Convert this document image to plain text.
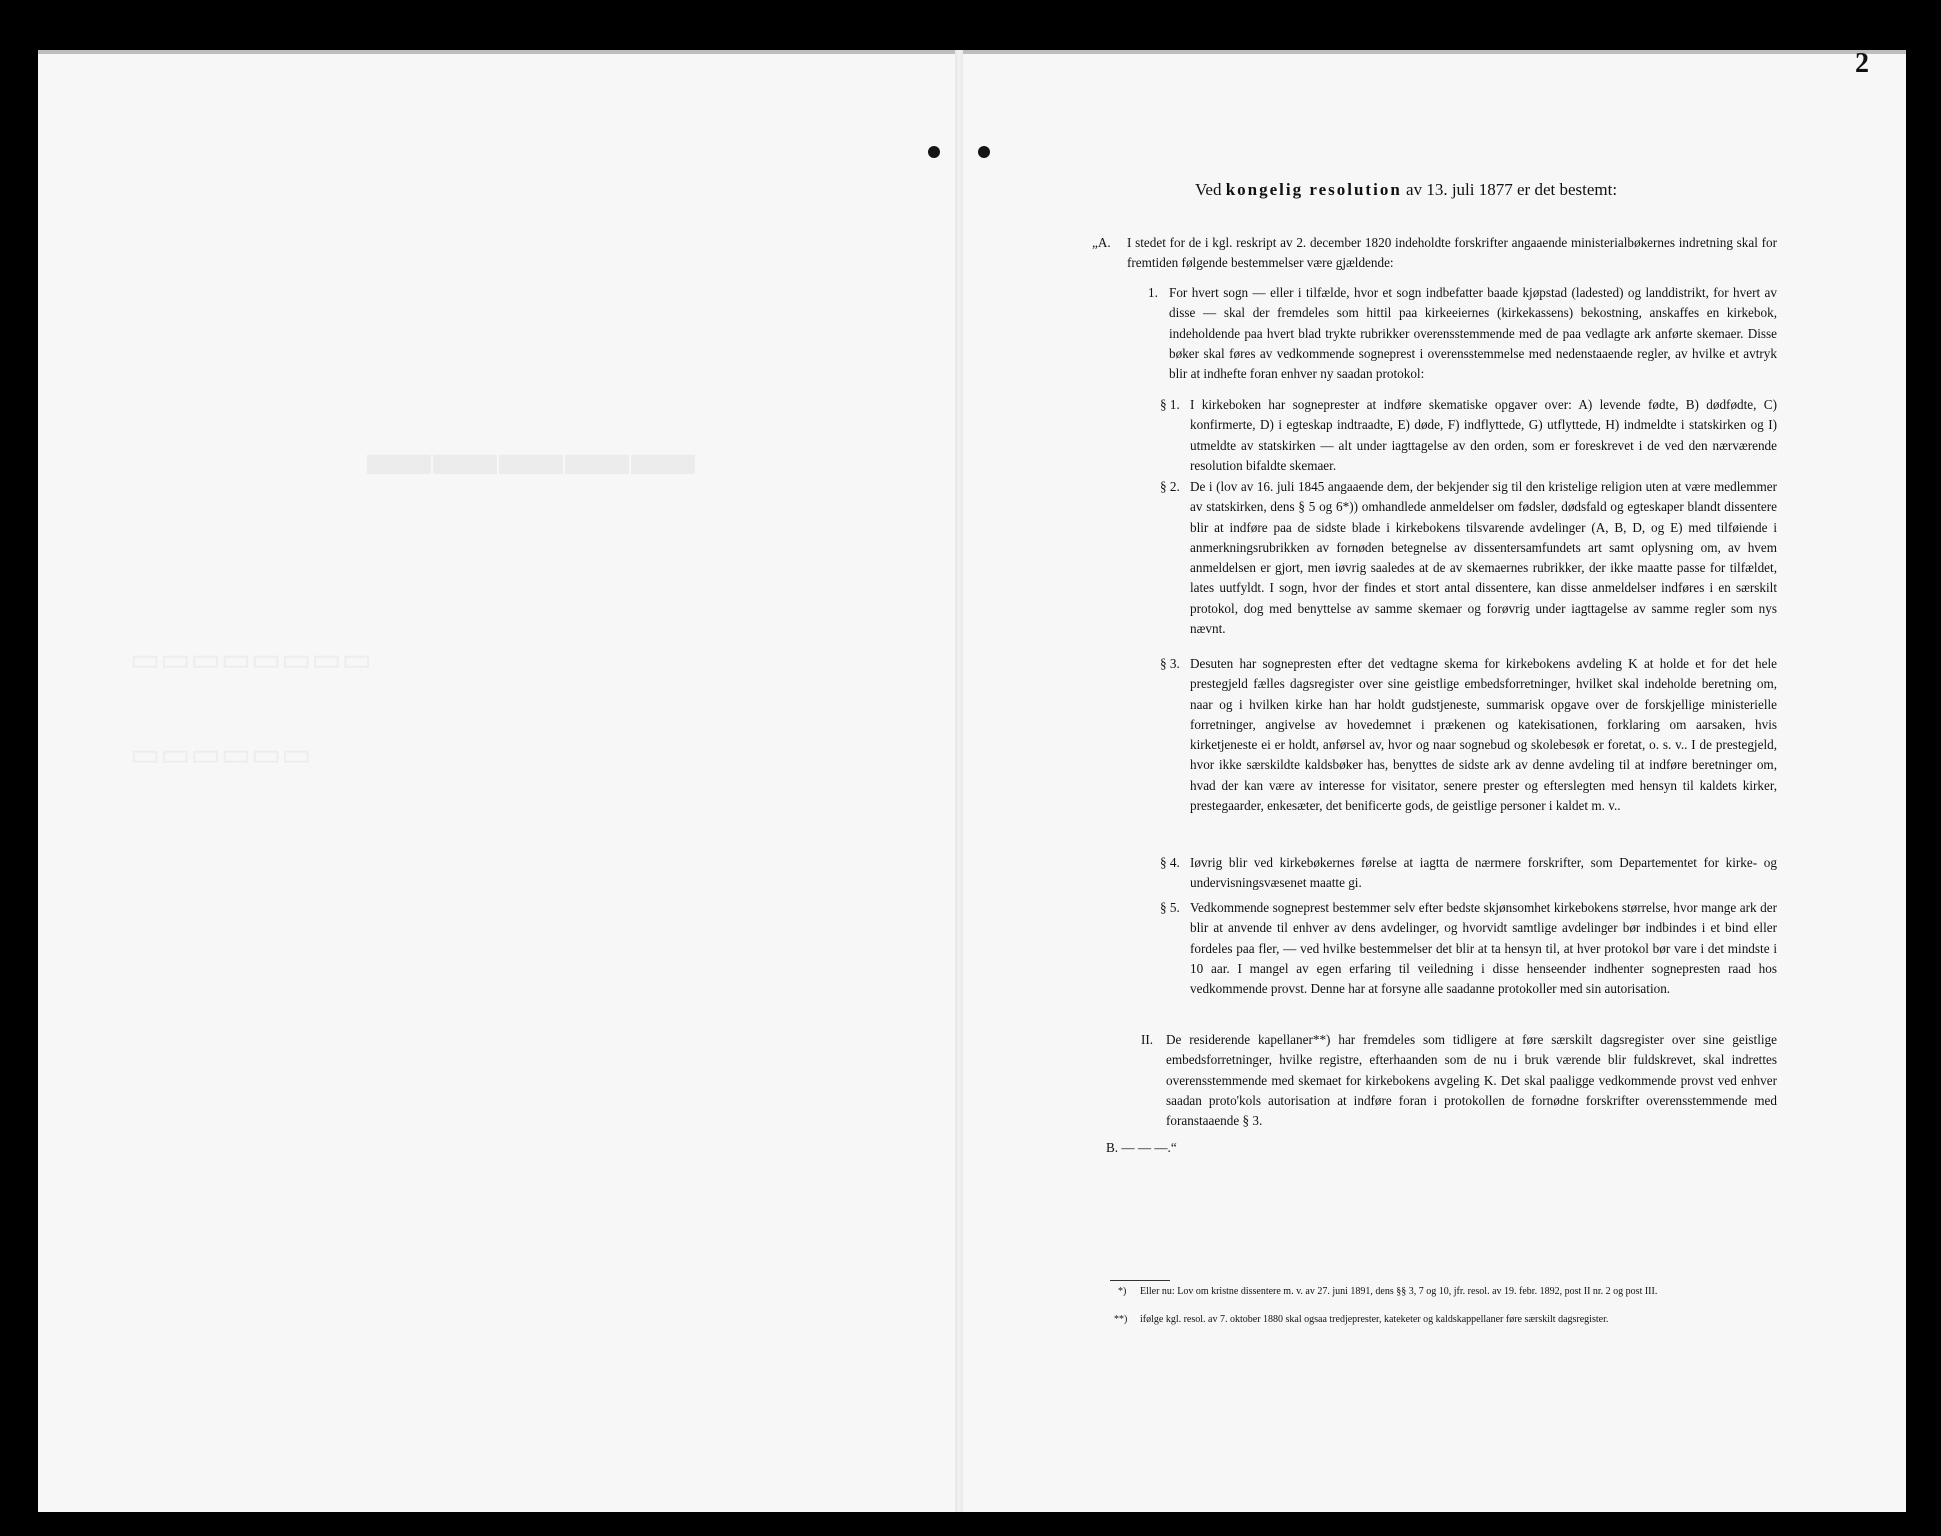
▬▬▬▬▬
▭▭▭▭▭▭▭▭
▭▭▭▭▭▭
2
Ved kongelig resolution av 13. juli 1877 er det bestemt:
„A. I stedet for de i kgl. reskript av 2. december 1820 indeholdte forskrifter angaaende ministerialbøkernes indretning skal for fremtiden følgende bestemmelser være gjældende:
1. For hvert sogn — eller i tilfælde, hvor et sogn indbefatter baade kjøpstad (ladested) og landdistrikt, for hvert av disse — skal der fremdeles som hittil paa kirkeeiernes (kirkekassens) bekostning, anskaffes en kirkebok, indeholdende paa hvert blad trykte rubrikker overensstemmende med de paa vedlagte ark anførte skemaer. Disse bøker skal føres av vedkommende sogneprest i overensstemmelse med nedenstaaende regler, av hvilke et avtryk blir at indhefte foran enhver ny saadan protokol:
§ 1. I kirkeboken har sogneprester at indføre skematiske opgaver over: A) levende fødte, B) dødfødte, C) konfirmerte, D) i egteskap indtraadte, E) døde, F) indflyttede, G) utflyttede, H) indmeldte i statskirken og I) utmeldte av statskirken — alt under iagttagelse av den orden, som er foreskrevet i de ved den nærværende resolution bifaldte skemaer.
§ 2. De i (lov av 16. juli 1845 angaaende dem, der bekjender sig til den kristelige religion uten at være medlemmer av statskirken, dens § 5 og 6*)) omhandlede anmeldelser om fødsler, dødsfald og egteskaper blandt dissentere blir at indføre paa de sidste blade i kirkebokens tilsvarende avdelinger (A, B, D, og E) med tilføiende i anmerkningsrubrikken av fornøden betegnelse av dissentersamfundets art samt oplysning om, av hvem anmeldelsen er gjort, men iøvrig saaledes at de av skemaernes rubrikker, der ikke maatte passe for tilfældet, lates uutfyldt. I sogn, hvor der findes et stort antal dissentere, kan disse anmeldelser indføres i en særskilt protokol, dog med benyttelse av samme skemaer og forøvrig under iagttagelse av samme regler som nys nævnt.
§ 3. Desuten har sognepresten efter det vedtagne skema for kirkebokens avdeling K at holde et for det hele prestegjeld fælles dagsregister over sine geistlige embedsforretninger, hvilket skal indeholde beretning om, naar og i hvilken kirke han har holdt gudstjeneste, summarisk opgave over de forskjellige ministerielle forretninger, angivelse av hovedemnet i prækenen og katekisationen, forklaring om aarsaken, hvis kirketjeneste ei er holdt, anførsel av, hvor og naar sognebud og skolebesøk er foretat, o. s. v.. I de prestegjeld, hvor ikke særskildte kaldsbøker has, benyttes de sidste ark av denne avdeling til at indføre beretninger om, hvad der kan være av interesse for visitator, senere prester og efterslegten med hensyn til kaldets kirker, prestegaarder, enkesæter, det benificerte gods, de geistlige personer i kaldet m. v..
§ 4. Iøvrig blir ved kirkebøkernes førelse at iagtta de nærmere forskrifter, som Departementet for kirke- og undervisningsvæsenet maatte gi.
§ 5. Vedkommende sogneprest bestemmer selv efter bedste skjønsomhet kirkebokens størrelse, hvor mange ark der blir at anvende til enhver av dens avdelinger, og hvorvidt samtlige avdelinger bør indbindes i et bind eller fordeles paa fler, — ved hvilke bestemmelser det blir at ta hensyn til, at hver protokol bør vare i det mindste i 10 aar. I mangel av egen erfaring til veiledning i disse henseender indhenter sognepresten raad hos vedkommende provst. Denne har at forsyne alle saadanne protokoller med sin autorisation.
II. De residerende kapellaner**) har fremdeles som tidligere at føre særskilt dagsregister over sine geistlige embedsforretninger, hvilke registre, efterhaanden som de nu i bruk værende blir fuldskrevet, skal indrettes overensstemmende med skemaet for kirkebokens avgeling K. Det skal paaligge vedkommende provst ved enhver saadan proto'kols autorisation at indføre foran i protokollen de fornødne forskrifter overensstemmende med foranstaaende § 3.
B. — — —.“
*)	Eller nu: Lov om kristne dissentere m. v. av 27. juni 1891, dens §§ 3, 7 og 10, jfr. resol. av 19. febr. 1892, post II nr. 2 og post III.
**)	ifølge kgl. resol. av 7. oktober 1880 skal ogsaa tredjeprester, kateketer og kaldskappellaner føre særskilt dagsregister.
